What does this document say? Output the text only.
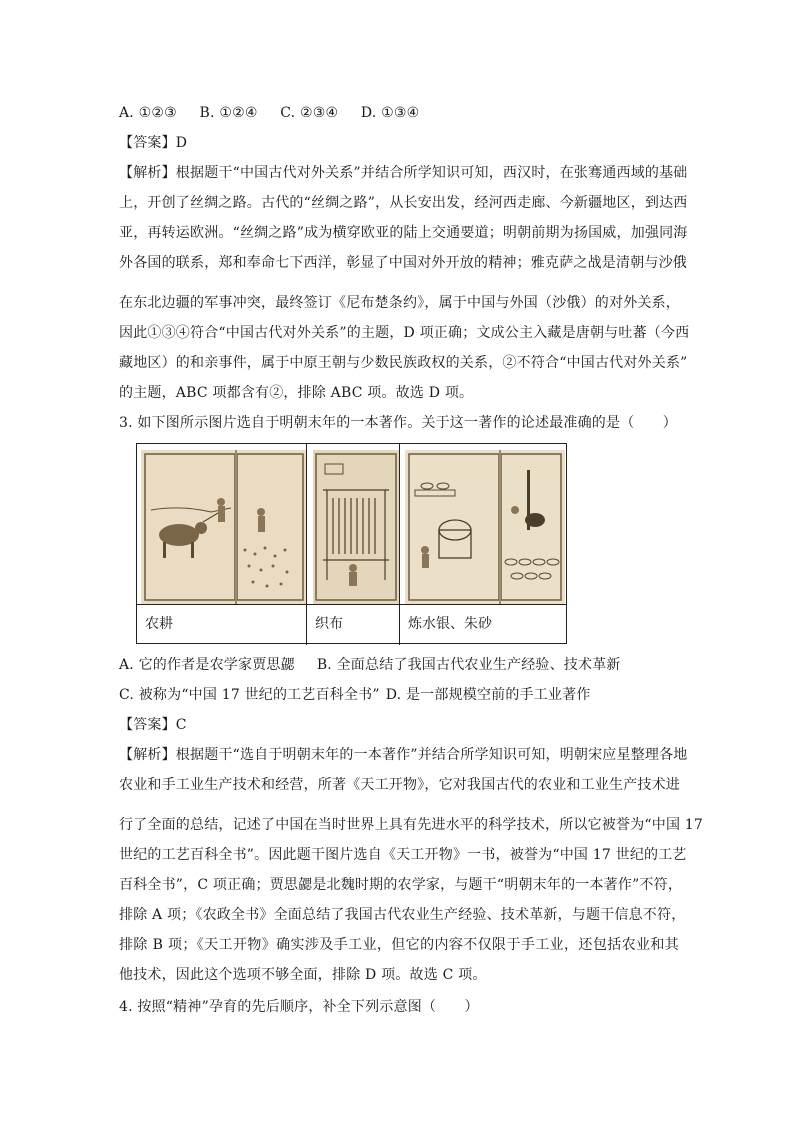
A. ①②③ B. ①②④ C. ②③④ D. ①③④
【答案】D
【解析】根据题干“中国古代对外关系”并结合所学知识可知，西汉时，在张骞通西域的基础
上，开创了丝绸之路。古代的“丝绸之路”，从长安出发，经河西走廊、今新疆地区，到达西
亚，再转运欧洲。“丝绸之路”成为横穿欧亚的陆上交通要道；明朝前期为扬国威，加强同海
外各国的联系，郑和奉命七下西洋，彰显了中国对外开放的精神；雅克萨之战是清朝与沙俄
在东北边疆的军事冲突，最终签订《尼布楚条约》，属于中国与外国（沙俄）的对外关系，
因此①③④符合“中国古代对外关系”的主题，D 项正确；文成公主入藏是唐朝与吐蕃（今西
藏地区）的和亲事件，属于中原王朝与少数民族政权的关系，②不符合“中国古代对外关系”
的主题，ABC 项都含有②，排除 ABC 项。故选 D 项。
3. 如下图所示图片选自于明朝末年的一本著作。关于这一著作的论述最准确的是（　　）
农耕	织布	炼水银、朱砂
A. 它的作者是农学家贾思勰 B. 全面总结了我国古代农业生产经验、技术革新
C. 被称为“中国 17 世纪的工艺百科全书” D. 是一部规模空前的手工业著作
【答案】C
【解析】根据题干“选自于明朝末年的一本著作”并结合所学知识可知，明朝宋应星整理各地
农业和手工业生产技术和经营，所著《天工开物》，它对我国古代的农业和工业生产技术进
行了全面的总结，记述了中国在当时世界上具有先进水平的科学技术，所以它被誉为“中国 17
世纪的工艺百科全书”。因此题干图片选自《天工开物》一书，被誉为“中国 17 世纪的工艺
百科全书”，C 项正确；贾思勰是北魏时期的农学家，与题干“明朝末年的一本著作”不符，
排除 A 项；《农政全书》全面总结了我国古代农业生产经验、技术革新，与题干信息不符，
排除 B 项；《天工开物》确实涉及手工业，但它的内容不仅限于手工业，还包括农业和其
他技术，因此这个选项不够全面，排除 D 项。故选 C 项。
4. 按照“精神”孕育的先后顺序，补全下列示意图（　　）
